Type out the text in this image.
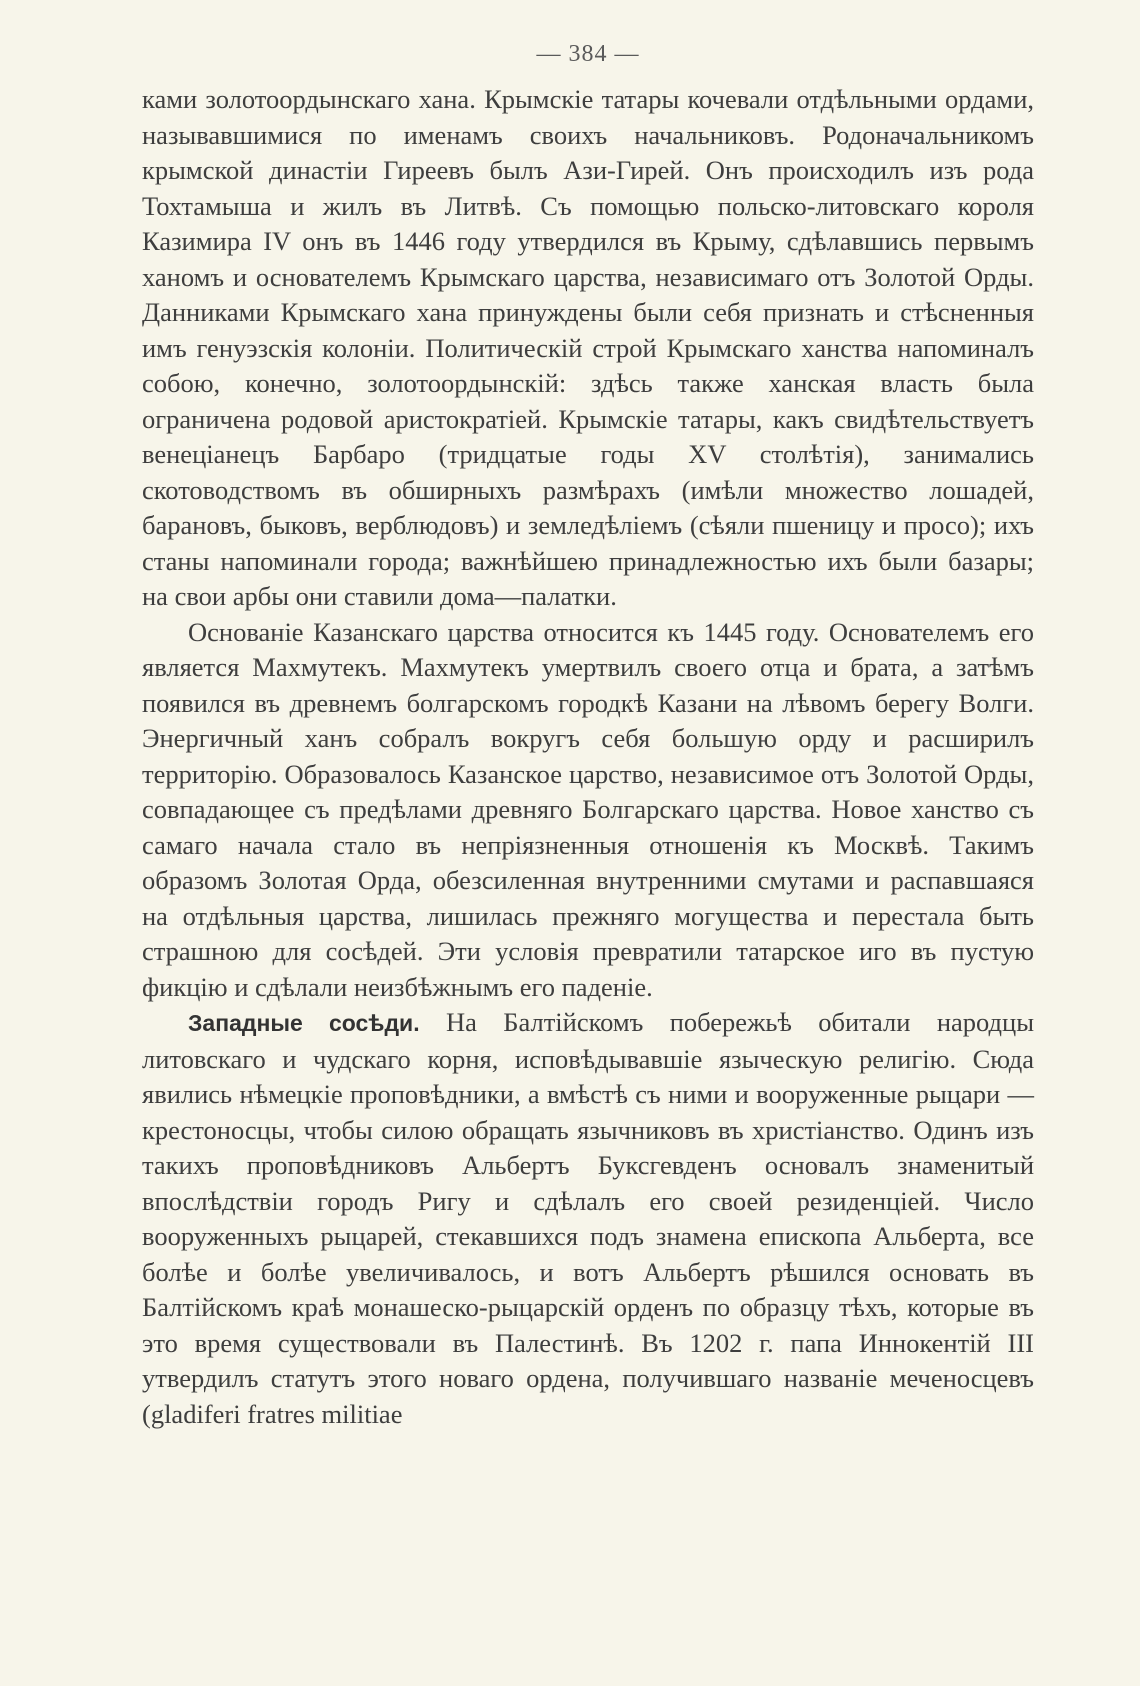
— 384 —

ками золотоордынскаго хана. Крымскіе татары кочевали отдѣльными ордами, называвшимися по именамъ своихъ начальниковъ. Родоначальникомъ крымской династіи Гиреевъ былъ Ази-Гирей. Онъ происходилъ изъ рода Тохтамыша и жилъ въ Литвѣ. Съ помощью польско-литовскаго короля Казимира IV онъ въ 1446 году утвердился въ Крыму, сдѣлавшись первымъ ханомъ и основателемъ Крымскаго царства, независимаго отъ Золотой Орды. Данниками Крымскаго хана принуждены были себя признать и стѣсненныя имъ генуэзскія колоніи. Политическій строй Крымскаго ханства напоминалъ собою, конечно, золотоордынскій: здѣсь также ханская власть была ограничена родовой аристократіей. Крымскіе татары, какъ свидѣтельствуетъ венеціанецъ Барбаро (тридцатые годы XV столѣтія), занимались скотоводствомъ въ обширныхъ размѣрахъ (имѣли множество лошадей, барановъ, быковъ, верблюдовъ) и земледѣліемъ (сѣяли пшеницу и просо); ихъ станы напоминали города; важнѣйшею принадлежностью ихъ были базары; на свои арбы они ставили дома—палатки.

Основаніе Казанскаго царства относится къ 1445 году. Основателемъ его является Махмутекъ. Махмутекъ умертвилъ своего отца и брата, а затѣмъ появился въ древнемъ болгарскомъ городкѣ Казани на лѣвомъ берегу Волги. Энергичный ханъ собралъ вокругъ себя большую орду и расширилъ территорію. Образовалось Казанское царство, независимое отъ Золотой Орды, совпадающее съ предѣлами древняго Болгарскаго царства. Новое ханство съ самаго начала стало въ непріязненныя отношенія къ Москвѣ. Такимъ образомъ Золотая Орда, обезсиленная внутренними смутами и распавшаяся на отдѣльныя царства, лишилась прежняго могущества и перестала быть страшною для сосѣдей. Эти условія превратили татарское иго въ пустую фикцію и сдѣлали неизбѣжнымъ его паденіе.

Западные сосѣди. На Балтійскомъ побережьѣ обитали народцы литовскаго и чудскаго корня, исповѣдывавшіе языческую религію. Сюда явились нѣмецкіе проповѣдники, а вмѣстѣ съ ними и вооруженные рыцари — крестоносцы, чтобы силою обращать язычниковъ въ христіанство. Одинъ изъ такихъ проповѣдниковъ Альбертъ Буксгевденъ основалъ знаменитый впослѣдствіи городъ Ригу и сдѣлалъ его своей резиденціей. Число вооруженныхъ рыцарей, стекавшихся подъ знамена епископа Альберта, все болѣе и болѣе увеличивалось, и вотъ Альбертъ рѣшился основать въ Балтійскомъ краѣ монашеско-рыцарскій орденъ по образцу тѣхъ, которые въ это время существовали въ Палестинѣ. Въ 1202 г. папа Иннокентій III утвердилъ статутъ этого новаго ордена, получившаго названіе меченосцевъ (gladiferi fratres militiae
